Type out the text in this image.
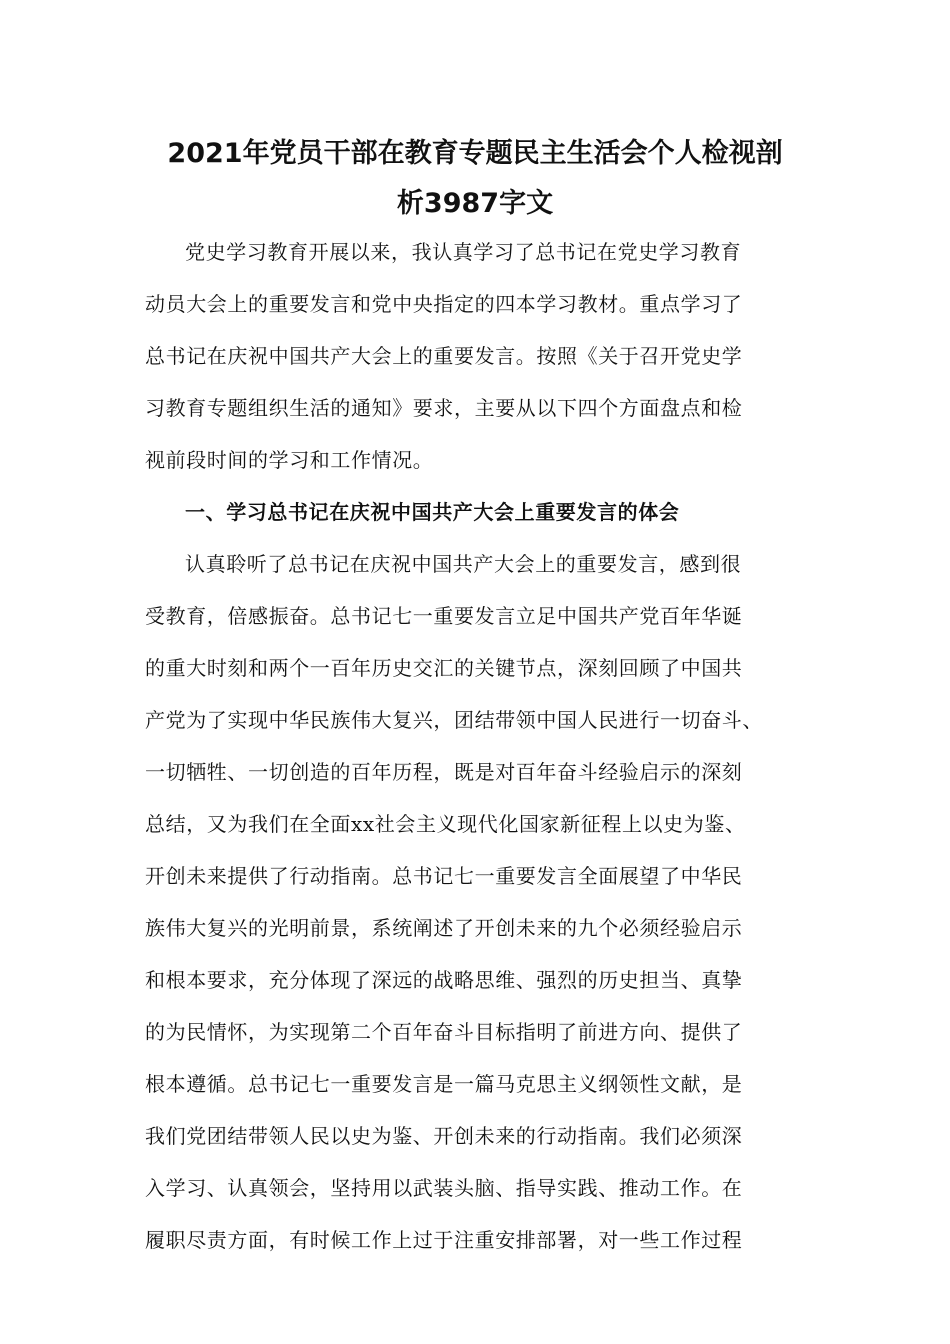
2021年党员干部在教育专题民主生活会个人检视剖
析3987字文
党史学习教育开展以来，我认真学习了总书记在党史学习教育
动员大会上的重要发言和党中央指定的四本学习教材。重点学习了
总书记在庆祝中国共产大会上的重要发言。按照《关于召开党史学
习教育专题组织生活的通知》要求，主要从以下四个方面盘点和检
视前段时间的学习和工作情况。
一、学习总书记在庆祝中国共产大会上重要发言的体会
认真聆听了总书记在庆祝中国共产大会上的重要发言，感到很
受教育，倍感振奋。总书记七一重要发言立足中国共产党百年华诞
的重大时刻和两个一百年历史交汇的关键节点，深刻回顾了中国共
产党为了实现中华民族伟大复兴，团结带领中国人民进行一切奋斗、
一切牺牲、一切创造的百年历程，既是对百年奋斗经验启示的深刻
总结，又为我们在全面xx社会主义现代化国家新征程上以史为鉴、
开创未来提供了行动指南。总书记七一重要发言全面展望了中华民
族伟大复兴的光明前景，系统阐述了开创未来的九个必须经验启示
和根本要求，充分体现了深远的战略思维、强烈的历史担当、真挚
的为民情怀，为实现第二个百年奋斗目标指明了前进方向、提供了
根本遵循。总书记七一重要发言是一篇马克思主义纲领性文献，是
我们党团结带领人民以史为鉴、开创未来的行动指南。我们必须深
入学习、认真领会，坚持用以武装头脑、指导实践、推动工作。在
履职尽责方面，有时候工作上过于注重安排部署，对一些工作过程
